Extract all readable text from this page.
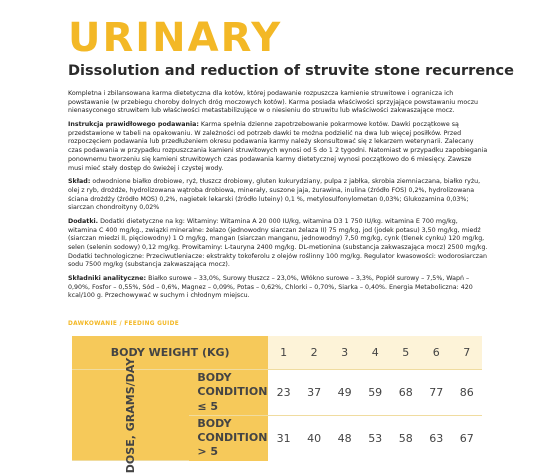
URINARY
Dissolution and reduction of struvite stone recurrence

Kompletna i zbilansowana karma dietetyczna dla kotów, której podawanie rozpuszcza kamienie struwitowe i ogranicza ich powstawanie (w przebiegu choroby dolnych dróg moczowych kotów). Karma posiada właściwości sprzyjające powstawaniu moczu nienasyconego struwitem lub właściwości metastabilizujące w o niesieniu do struwitu lub właściwości zakwaszające mocz.

Instrukcja prawidłowego podawania: Karma spełnia dzienne zapotrzebowanie pokarmowe kotów. Dawki początkowe są przedstawione w tabeli na opakowaniu. W zależności od potrzeb dawki te można podzielić na dwa lub więcej posiłków. Przed rozpoczęciem podawania lub przedłużeniem okresu podawania karmy należy skonsultować się z lekarzem weterynarii. Zalecany czas podawania w przypadku rozpuszczania kamieni struwitowych wynosi od 5 do 1 2 tygodni. Natomiast w przypadku zapobiegania ponownemu tworzeniu się kamieni struwitowych czas podawania karmy dietetycznej wynosi początkowo do 6 miesięcy. Zawsze musi mieć stały dostęp do świeżej i czystej wody.

Skład: odwodnione białko drobiowe, ryż, tłuszcz drobiowy, gluten kukurydziany, pulpa z jabłka, skrobia ziemniaczana, białko ryżu, olej z ryb, drożdże, hydrolizowana wątroba drobiowa, minerały, suszone jaja, żurawina, inulina (źródło FOS) 0,2%, hydrolizowana ściana drożdży (źródło MOS) 0,2%, nagietek lekarski (źródło luteiny) 0,1 %, metylosulfonylometan 0,03%; Glukozamina 0,03%; siarczan chondroityny 0,02%

Dodatki. Dodatki dietetyczne na kg: Witaminy: Witamina A 20 000 IU/kg, witamina D3 1 750 IU/kg. witamina E 700 mg/kg, witamina C 400 mg/kg., związki mineralne: żelazo (jednowodny siarczan żelaza II) 75 mg/kg, jod (jodek potasu) 3,50 mg/kg, miedź (siarczan miedzi II, pięciowodny) 1 O mg/kg, mangan (siarczan manganu, jednowodny) 7,50 mg/kg, cynk (tlenek cynku) 120 mg/kg, selen (selenin sodowy) 0,12 mg/kg. Prowitaminy: L-tauryna 2400 mg/kg. DL-metionina (substancja zakwaszająca mocz) 2500 mg/kg. Dodatki technologiczne: Przeciwutleniacze: ekstrakty tokoferolu z olejów roślinny 100 mg/kg. Regulator kwasowości: wodorosiarczan sodu 7500 mg/kg (substancja zakwaszająca mocz).

Składniki analityczne: Białko surowe – 33,0%, Surowy tłuszcz – 23,0%, Włókno surowe – 3,3%, Popiół surowy – 7,5%, Wapń – 0,90%, Fosfor – 0,55%, Sód – 0,6%, Magnez – 0,09%, Potas – 0,62%, Chlorki – 0,70%, Siarka – 0,40%. Energia Metaboliczna: 420 kcal/100 g. Przechowywać w suchym i chłodnym miejscu.

DAWKOWANIE / FEEDING GUIDE
BODY WEIGHT (KG)		1	2	3	4	5	6	7
DOSE, GRAMS/DAY	BODY CONDITION ≤ 5	23	37	49	59	68	77	86
	BODY CONDITION > 5	31	40	48	53	58	63	67
